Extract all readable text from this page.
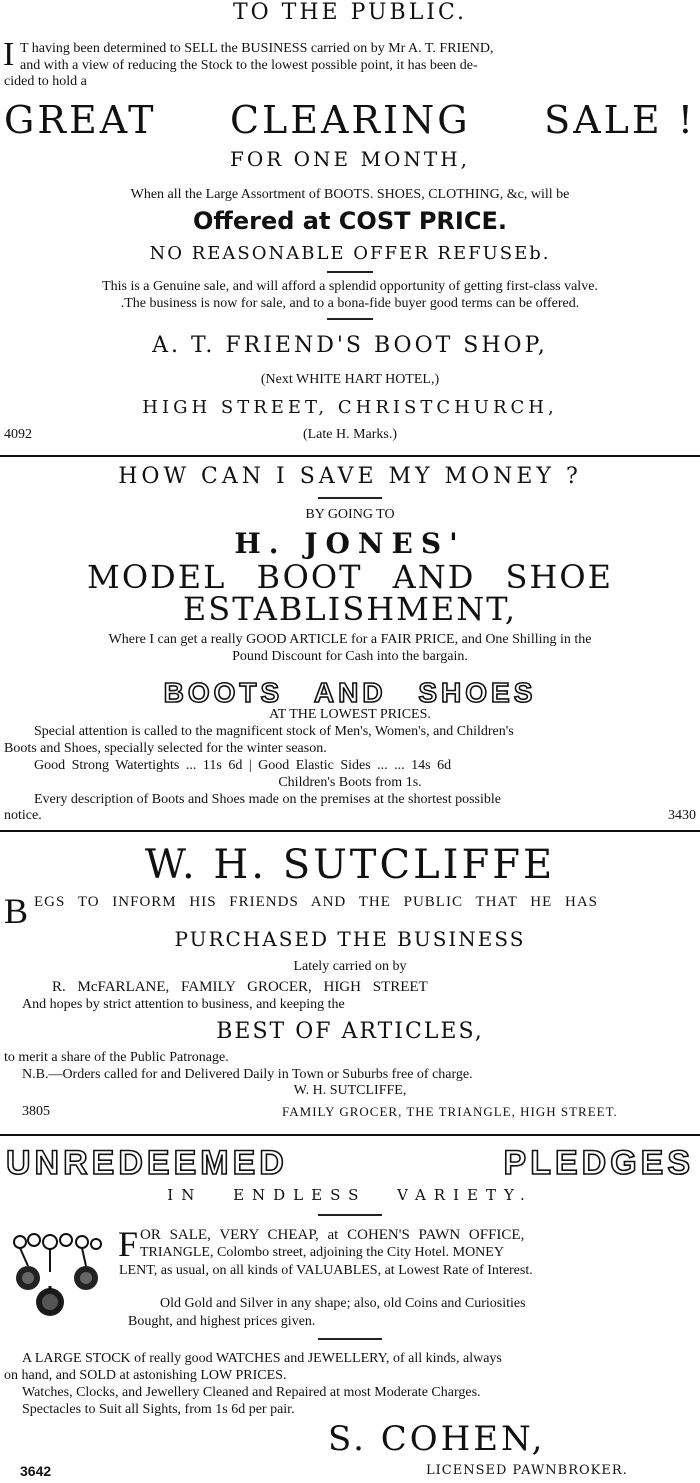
TO THE PUBLIC.
I T having been determined to SELL the BUSINESS carried on by Mr A. T. FRIEND,
and with a view of reducing the Stock to the lowest possible point, it has been de-
cided to hold a
GREAT CLEARING SALE !
FOR ONE MONTH,
When all the Large Assortment of BOOTS. SHOES, CLOTHING, &c, will be
Offered at COST PRICE.
NO REASONABLE OFFER REFUSEb.
This is a Genuine sale, and will afford a splendid opportunity of getting first-class valve.
.The business is now for sale, and to a bona-fide buyer good terms can be offered.
A. T. FRIEND'S BOOT SHOP,
(Next WHITE HART HOTEL,)
HIGH STREET, CHRISTCHURCH,
4092	(Late H. Marks.)
HOW CAN I SAVE MY MONEY ?
BY GOING TO
H. JONES'
MODEL BOOT AND SHOE
ESTABLISHMENT,
Where I can get a really GOOD ARTICLE for a FAIR PRICE, and One Shilling in the
Pound Discount for Cash into the bargain.
BOOTS AND SHOES
AT THE LOWEST PRICES.
Special attention is called to the magnificent stock of Men's, Women's, and Children's
Boots and Shoes, specially selected for the winter season.
Good Strong Watertights ... 11s 6d | Good Elastic Sides ... ... 14s 6d
Children's Boots from 1s.
Every description of Boots and Shoes made on the premises at the shortest possible
notice.	3430
W. H. SUTCLIFFE
B EGS TO INFORM HIS FRIENDS AND THE PUBLIC THAT HE HAS
PURCHASED THE BUSINESS
Lately carried on by
R. McFARLANE, FAMILY GROCER, HIGH STREET
And hopes by strict attention to business, and keeping the
BEST OF ARTICLES,
to merit a share of the Public Patronage.
N.B.—Orders called for and Delivered Daily in Town or Suburbs free of charge.
W. H. SUTCLIFFE,
3805	FAMILY GROCER, THE TRIANGLE, HIGH STREET.
UNREDEEMED	PLEDGES
IN ENDLESS VARIETY.
F OR SALE, VERY CHEAP, at COHEN'S PAWN OFFICE,
TRIANGLE, Colombo street, adjoining the City Hotel. MONEY
LENT, as usual, on all kinds of VALUABLES, at Lowest Rate of Interest.
Old Gold and Silver in any shape; also, old Coins and Curiosities
Bought, and highest prices given.
A LARGE STOCK of really good WATCHES and JEWELLERY, of all kinds, always
on hand, and SOLD at astonishing LOW PRICES.
Watches, Clocks, and Jewellery Cleaned and Repaired at most Moderate Charges.
Spectacles to Suit all Sights, from 1s 6d per pair.
S. COHEN,
3642	LICENSED PAWNBROKER.
